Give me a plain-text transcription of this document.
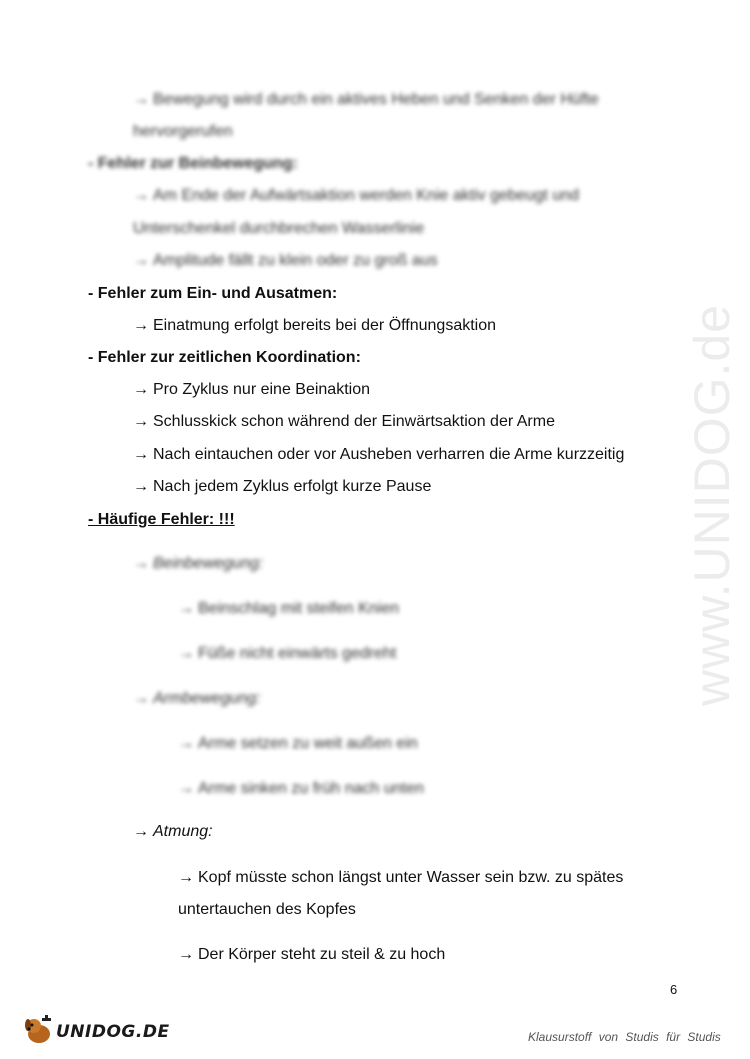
www.UNIDOG.de
→ Bewegung wird durch ein aktives Heben und Senken der Hüfte
hervorgerufen
- Fehler zur Beinbewegung:
→ Am Ende der Aufwärtsaktion werden Knie aktiv gebeugt und
Unterschenkel durchbrechen Wasserlinie
→ Amplitude fällt zu klein oder zu groß aus
- Fehler zum Ein- und Ausatmen:
→ Einatmung erfolgt bereits bei der Öffnungsaktion
- Fehler zur zeitlichen Koordination:
→ Pro Zyklus nur eine Beinaktion
→ Schlusskick schon während der Einwärtsaktion der Arme
→ Nach eintauchen oder vor Ausheben verharren die Arme kurzzeitig
→ Nach jedem Zyklus erfolgt kurze Pause
- Häufige Fehler: !!!
→ Beinbewegung:
→ Beinschlag mit steifen Knien
→ Füße nicht einwärts gedreht
→ Armbewegung:
→ Arme setzen zu weit außen ein
→ Arme sinken zu früh nach unten
→ Atmung:
→ Kopf müsste schon längst unter Wasser sein bzw. zu spätes
untertauchen des Kopfes
→ Der Körper steht zu steil & zu hoch
6
UNIDOG.DE	Klausurstoff von Studis für Studis
